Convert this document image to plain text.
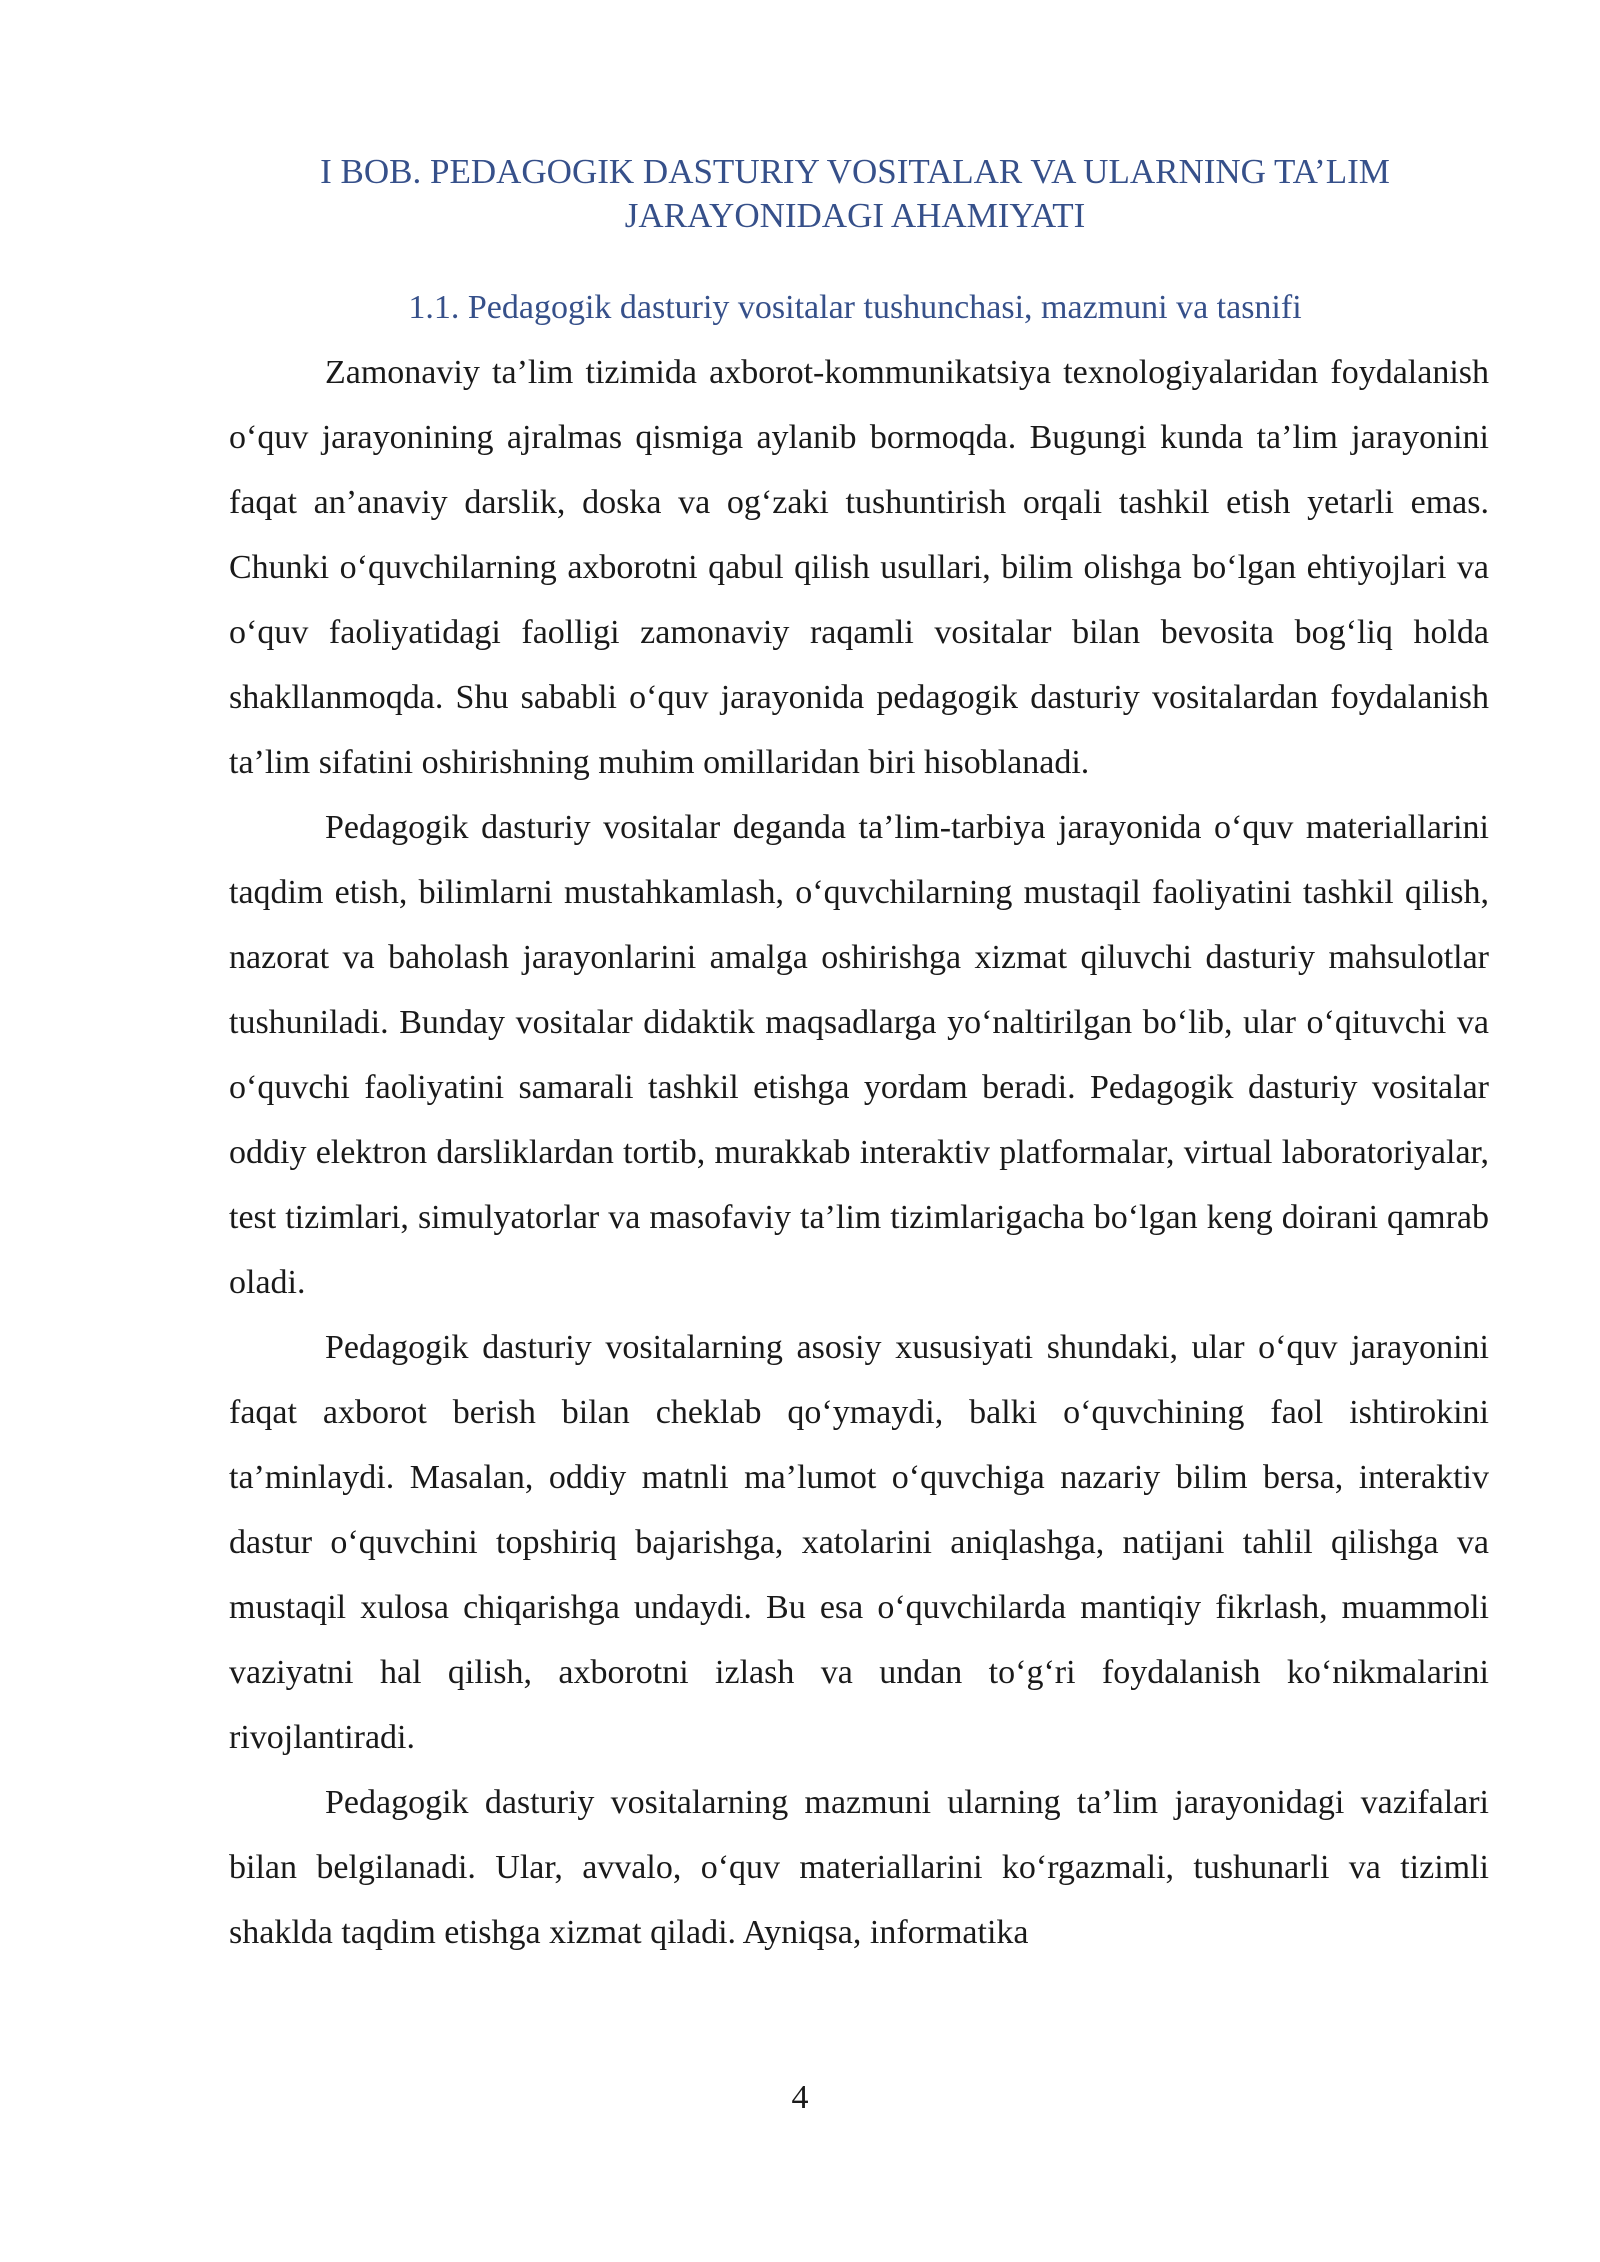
I BOB. PEDAGOGIK DASTURIY VOSITALAR VA ULARNING TA’LIM JARAYONIDAGI AHAMIYATI
1.1. Pedagogik dasturiy vositalar tushunchasi, mazmuni va tasnifi

Zamonaviy ta’lim tizimida axborot-kommunikatsiya texnologiyalaridan foydalanish o‘quv jarayonining ajralmas qismiga aylanib bormoqda. Bugungi kunda ta’lim jarayonini faqat an’anaviy darslik, doska va og‘zaki tushuntirish orqali tashkil etish yetarli emas. Chunki o‘quvchilarning axborotni qabul qilish usullari, bilim olishga bo‘lgan ehtiyojlari va o‘quv faoliyatidagi faolligi zamonaviy raqamli vositalar bilan bevosita bog‘liq holda shakllanmoqda. Shu sababli o‘quv jarayonida pedagogik dasturiy vositalardan foydalanish ta’lim sifatini oshirishning muhim omillaridan biri hisoblanadi.

Pedagogik dasturiy vositalar deganda ta’lim-tarbiya jarayonida o‘quv materiallarini taqdim etish, bilimlarni mustahkamlash, o‘quvchilarning mustaqil faoliyatini tashkil qilish, nazorat va baholash jarayonlarini amalga oshirishga xizmat qiluvchi dasturiy mahsulotlar tushuniladi. Bunday vositalar didaktik maqsadlarga yo‘naltirilgan bo‘lib, ular o‘qituvchi va o‘quvchi faoliyatini samarali tashkil etishga yordam beradi. Pedagogik dasturiy vositalar oddiy elektron darsliklardan tortib, murakkab interaktiv platformalar, virtual laboratoriyalar, test tizimlari, simulyatorlar va masofaviy ta’lim tizimlarigacha bo‘lgan keng doirani qamrab oladi.

Pedagogik dasturiy vositalarning asosiy xususiyati shundaki, ular o‘quv jarayonini faqat axborot berish bilan cheklab qo‘ymaydi, balki o‘quvchining faol ishtirokini ta’minlaydi. Masalan, oddiy matnli ma’lumot o‘quvchiga nazariy bilim bersa, interaktiv dastur o‘quvchini topshiriq bajarishga, xatolarini aniqlashga, natijani tahlil qilishga va mustaqil xulosa chiqarishga undaydi. Bu esa o‘quvchilarda mantiqiy fikrlash, muammoli vaziyatni hal qilish, axborotni izlash va undan to‘g‘ri foydalanish ko‘nikmalarini rivojlantiradi.

Pedagogik dasturiy vositalarning mazmuni ularning ta’lim jarayonidagi vazifalari bilan belgilanadi. Ular, avvalo, o‘quv materiallarini ko‘rgazmali, tushunarli va tizimli shaklda taqdim etishga xizmat qiladi. Ayniqsa, informatika

4
